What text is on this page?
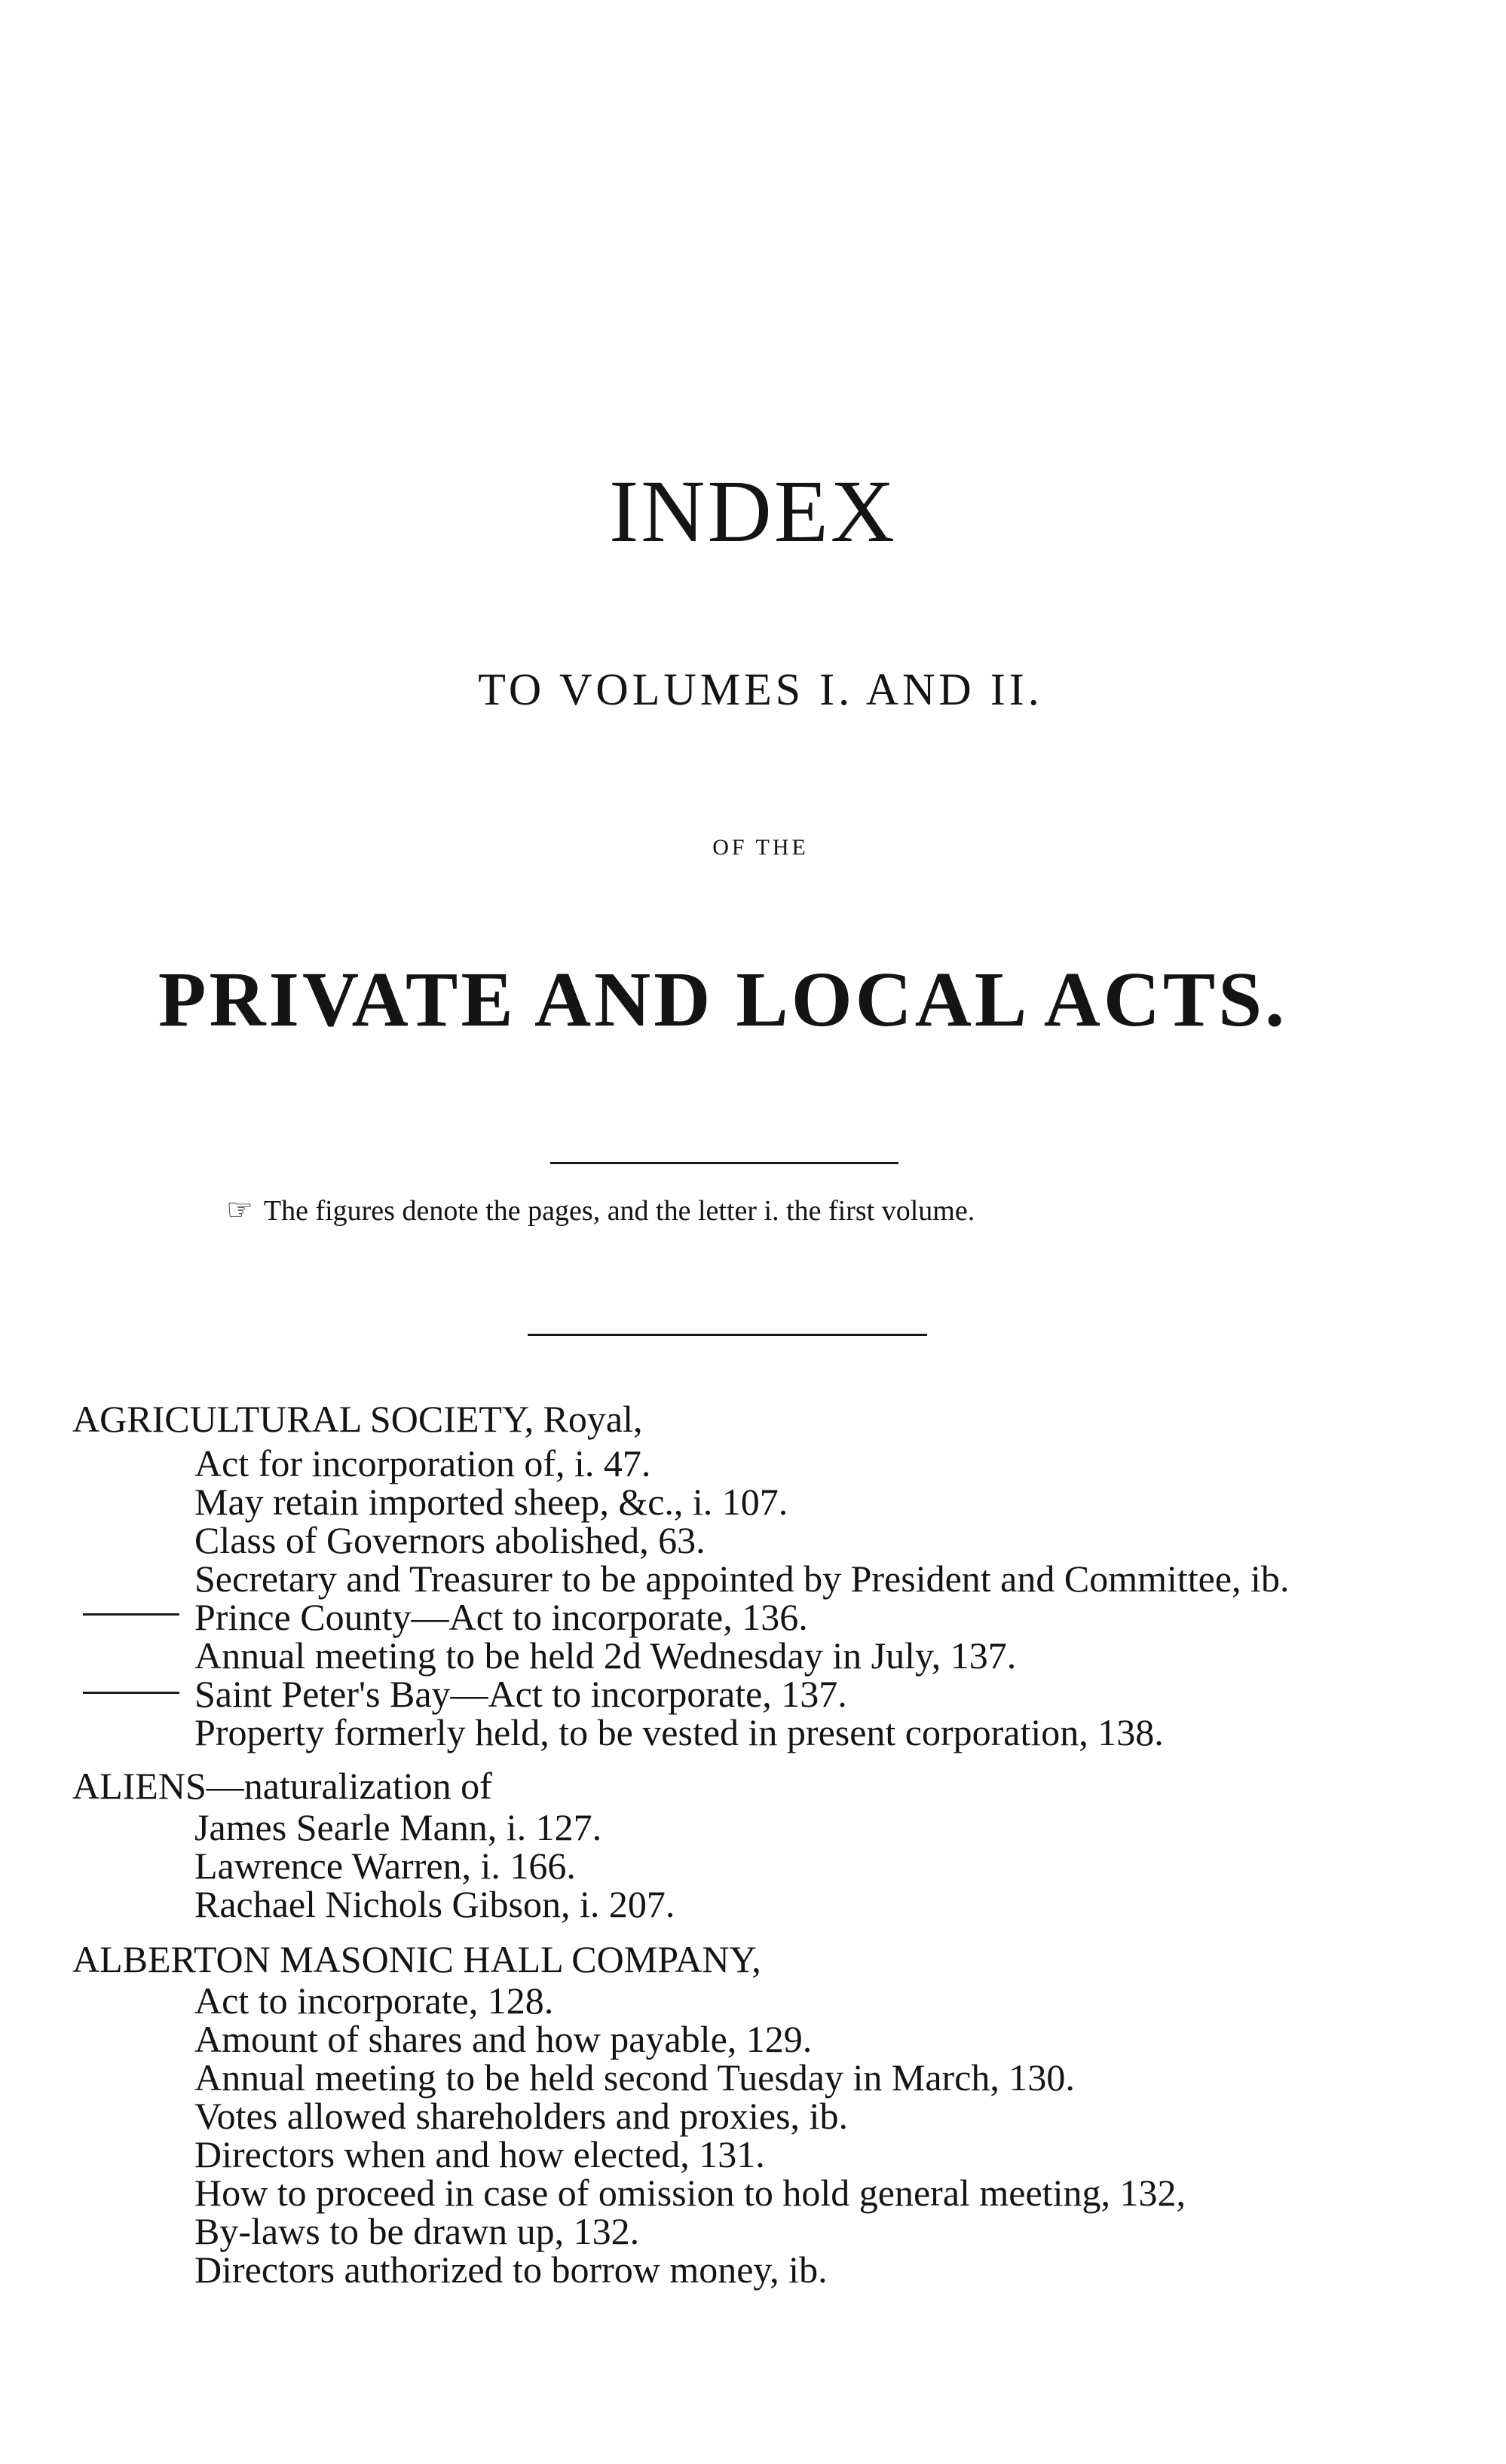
INDEX
TO VOLUMES I. AND II.
OF THE
PRIVATE AND LOCAL ACTS.
☞ The figures denote the pages, and the letter i. the first volume.
AGRICULTURAL SOCIETY, Royal,
Act for incorporation of, i. 47.
May retain imported sheep, &c., i. 107.
Class of Governors abolished, 63.
Secretary and Treasurer to be appointed by President and Committee, ib.
Prince County—Act to incorporate, 136.
Annual meeting to be held 2d Wednesday in July, 137.
Saint Peter's Bay—Act to incorporate, 137.
Property formerly held, to be vested in present corporation, 138.
ALIENS—naturalization of
James Searle Mann, i. 127.
Lawrence Warren, i. 166.
Rachael Nichols Gibson, i. 207.
ALBERTON MASONIC HALL COMPANY,
Act to incorporate, 128.
Amount of shares and how payable, 129.
Annual meeting to be held second Tuesday in March, 130.
Votes allowed shareholders and proxies, ib.
Directors when and how elected, 131.
How to proceed in case of omission to hold general meeting, 132,
By-laws to be drawn up, 132.
Directors authorized to borrow money, ib.
